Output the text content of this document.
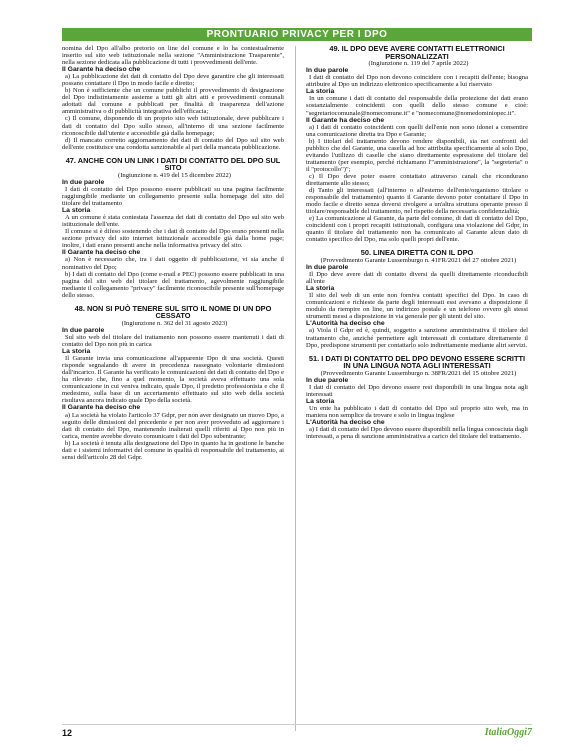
PRONTUARIO PRIVACY PER I DPO

nomina del Dpo all'albo pretorio on line del comune e lo ha contestualmente inserito sul sito web istituzionale nella sezione "Amministrazione Trasparente", nella sezione dedicata alla pubblicazione di tutti i provvedimenti dell'ente.

Il Garante ha deciso che

a) La pubblicazione dei dati di contatto del Dpo deve garantire che gli interessati possano contattare il Dpo in modo facile e diretto;

b) Non è sufficiente che un comune pubblichi il provvedimento di designazione del Dpo indistintamente assieme a tutti gli altri atti e provvedimenti comunali adottati dal comune e pubblicati per finalità di trasparenza dell'azione amministrativa o di pubblicità integrativa dell'efficacia;

c) Il comune, disponendo di un proprio sito web istituzionale, deve pubblicare i dati di contatto del Dpo sullo stesso, all'interno di una sezione facilmente riconoscibile dall'utente e accessibile già dalla homepage;

d) Il mancato corretto aggiornamento dei dati di contatto del Dpo sul sito web dell'ente costituisce una condotta sanzionabile al pari della mancata pubblicazione.

47. ANCHE CON UN LINK I DATI DI CONTATTO DEL DPO SUL SITO

(Ingiunzione n. 419 del 15 dicembre 2022)

In due parole

I dati di contatto del Dpo possono essere pubblicati su una pagina facilmente raggiungibile mediante un collegamento presente sulla homepage del sito del titolare del trattamento

La storia

A un comune è stata contestata l'assenza dei dati di contatto del Dpo sul sito web istituzionale dell'ente.

Il comune si è difeso sostenendo che i dati di contatto del Dpo erano presenti nella sezione privacy del sito internet istituzionale accessibile già dalla home page; inoltre, i dati erano presenti anche nella informativa privacy del sito.

Il Garante ha deciso che

a) Non è necessario che, tra i dati oggetto di pubblicazione, vi sia anche il nominativo del Dpo;

b) I dati di contatto del Dpo (come e-mail e PEC) possono essere pubblicati in una pagina del sito web del titolare del trattamento, agevolmente raggiungibile mediante il collegamento "privacy" facilmente riconoscibile presente sull'homepage dello stesso.

48. NON SI PUÒ TENERE SUL SITO IL NOME DI UN DPO CESSATO

(Ingiunzione n. 362 del 31 agosto 2023)

In due parole

Sul sito web del titolare del trattamento non possono essere mantenuti i dati di contatto del Dpo non più in carica

La storia

Il Garante invia una comunicazione all'apparente Dpo di una società. Questi risponde segnalando di avere in precedenza rassegnato volontarie dimissioni dall'incarico. Il Garante ha verificato le comunicazioni dei dati di contatto del Dpo e ha rilevato che, fino a quel momento, la società aveva effettuato una sola comunicazione in cui veniva indicato, quale Dpo, il predetto professionista e che il medesimo, sulla base di un accertamento effettuato sul sito web della società risultava ancora indicato quale Dpo della società.

Il Garante ha deciso che

a) La società ha violato l'articolo 37 Gdpr, per non aver designato un nuovo Dpo, a seguito delle dimissioni del precedente e per non aver provveduto ad aggiornare i dati di contatto del Dpo, mantenendo inalterati quelli riferiti al Dpo non più in carica, mentre avrebbe dovuto comunicare i dati del Dpo subentrante;

b) La società è tenuta alla designazione del Dpo in quanto ha in gestione le banche dati e i sistemi informativi del comune in qualità di responsabile del trattamento, ai sensi dell'articolo 28 del Gdpr.

49. IL DPO DEVE AVERE CONTATTI ELETTRONICI PERSONALIZZATI

(Ingiunzione n. 119 del 7 aprile 2022)

In due parole

I dati di contatto del Dpo non devono coincidere con i recapiti dell'ente; bisogna attribuire al Dpo un indirizzo elettronico specificamente a lui riservato

La storia

In un comune i dati di contatto del responsabile della protezione dei dati erano sostanzialmente coincidenti con quelli dello stesso comune e cioè: "segretariocomunale@nomecomune.it" e "nomecomune@nomedominiopec.it".

Il Garante ha deciso che

a) I dati di contatto coincidenti con quelli dell'ente non sono idonei a consentire una comunicazione diretta tra Dpo e Garante;

b) I titolari del trattamento devono rendere disponibili, sia nei confronti del pubblico che del Garante, una casella ad hoc attribuita specificamente al solo Dpo, evitando l'utilizzo di caselle che siano direttamente espressione del titolare del trattamento (per esempio, perché richiamano l'"amministrazione", la "segreteria" o il "protocollo")";

c) Il Dpo deve poter essere contattato attraverso canali che ricondurano direttamente allo stesso;

d) Tanto gli interessati (all'interno o all'esterno dell'ente/organismo titolare o responsabile del trattamento) quanto il Garante devono poter contattare il Dpo in modo facile e diretto senza doversi rivolgere a un'altra struttura operante presso il titolare/responsabile del trattamento, nel rispetto della necessaria confidenzialità;

e) La comunicazione al Garante, da parte del comune, di dati di contatto del Dpo, coincidenti con i propri recapiti istituzionali, configura una violazione del Gdpr, in quanto il titolare del trattamento non ha comunicato al Garante alcun dato di contatto specifico del Dpo, ma solo quelli propri dell'ente.

50. LINEA DIRETTA CON IL DPO

(Provvedimento Garante Lussemburgo n. 41FR/2021 del 27 ottobre 2021)

In due parole

Il Dpo deve avere dati di contatto diversi da quelli direttamente riconducibili all'ente

La storia

Il sito del web di un ente non forniva contatti specifici del Dpo. In caso di comunicazioni e richieste da parte degli interessati essi avevano a disposizione il modulo da riempire on line, un indirizzo postale e un telefono ovvero gli stessi strumenti messi a disposizione in via generale per gli utenti del sito.

L'Autorità ha deciso che

a) Viola il Gdpr ed è, quindi, soggetto a sanzione amministrativa il titolare del trattamento che, anziché permettere agli interessati di contattare direttamente il Dpo, predispone strumenti per contattarlo solo indirettamente mediante altri servizi.

51. I DATI DI CONTATTO DEL DPO DEVONO ESSERE SCRITTI IN UNA LINGUA NOTA AGLI INTERESSATI

(Provvedimento Garante Lussemburgo n. 38FR/2021 del 15 ottobre 2021)

In due parole

I dati di contatto del Dpo devono essere resi disponibili in una lingua nota agli interessati

La storia

Un ente ha pubblicato i dati di contatto del Dpo sul proprio sito web, ma in maniera non semplice da trovare e solo in lingua inglese

L'Autorità ha deciso che

a) I dati di contatto del Dpo devono essere disponibili nella lingua conosciuta dagli interessati, a pena di sanzione amministrativa a carico del titolare del trattamento.

12	ItaliaOggi7
